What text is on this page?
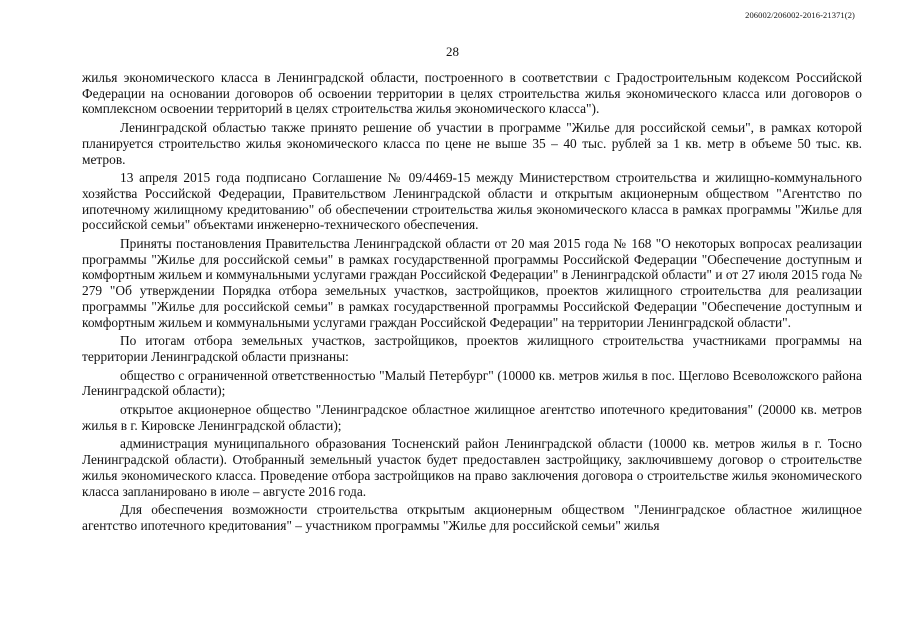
206002/206002-2016-21371(2)
28

жилья экономического класса в Ленинградской области, построенного в соответствии с Градостроительным кодексом Российской Федерации на основании договоров об освоении территории в целях строительства жилья экономического класса или договоров о комплексном освоении территорий в целях строительства жилья экономического класса").

Ленинградской областью также принято решение об участии в программе "Жилье для российской семьи", в рамках которой планируется строительство жилья экономического класса по цене не выше 35 – 40 тыс. рублей за 1 кв. метр в объеме 50 тыс. кв. метров.

13 апреля 2015 года подписано Соглашение № 09/4469-15 между Министерством строительства и жилищно-коммунального хозяйства Российской Федерации, Правительством Ленинградской области и открытым акционерным обществом "Агентство по ипотечному жилищному кредитованию" об обеспечении строительства жилья экономического класса в рамках программы "Жилье для российской семьи" объектами инженерно-технического обеспечения.

Приняты постановления Правительства Ленинградской области от 20 мая 2015 года № 168 "О некоторых вопросах реализации программы "Жилье для российской семьи" в рамках государственной программы Российской Федерации "Обеспечение доступным и комфортным жильем и коммунальными услугами граждан Российской Федерации" в Ленинградской области" и от 27 июля 2015 года № 279 "Об утверждении Порядка отбора земельных участков, застройщиков, проектов жилищного строительства для реализации программы "Жилье для российской семьи" в рамках государственной программы Российской Федерации "Обеспечение доступным и комфортным жильем и коммунальными услугами граждан Российской Федерации" на территории Ленинградской области".

По итогам отбора земельных участков, застройщиков, проектов жилищного строительства участниками программы на территории Ленинградской области признаны:

общество с ограниченной ответственностью "Малый Петербург" (10000 кв. метров жилья в пос. Щеглово Всеволожского района Ленинградской области);

открытое акционерное общество "Ленинградское областное жилищное агентство ипотечного кредитования" (20000 кв. метров жилья в г. Кировске Ленинградской области);

администрация муниципального образования Тосненский район Ленинградской области (10000 кв. метров жилья в г. Тосно Ленинградской области). Отобранный земельный участок будет предоставлен застройщику, заключившему договор о строительстве жилья экономического класса. Проведение отбора застройщиков на право заключения договора о строительстве жилья экономического класса запланировано в июле – августе 2016 года.

Для обеспечения возможности строительства открытым акционерным обществом "Ленинградское областное жилищное агентство ипотечного кредитования" – участником программы "Жилье для российской семьи" жилья
